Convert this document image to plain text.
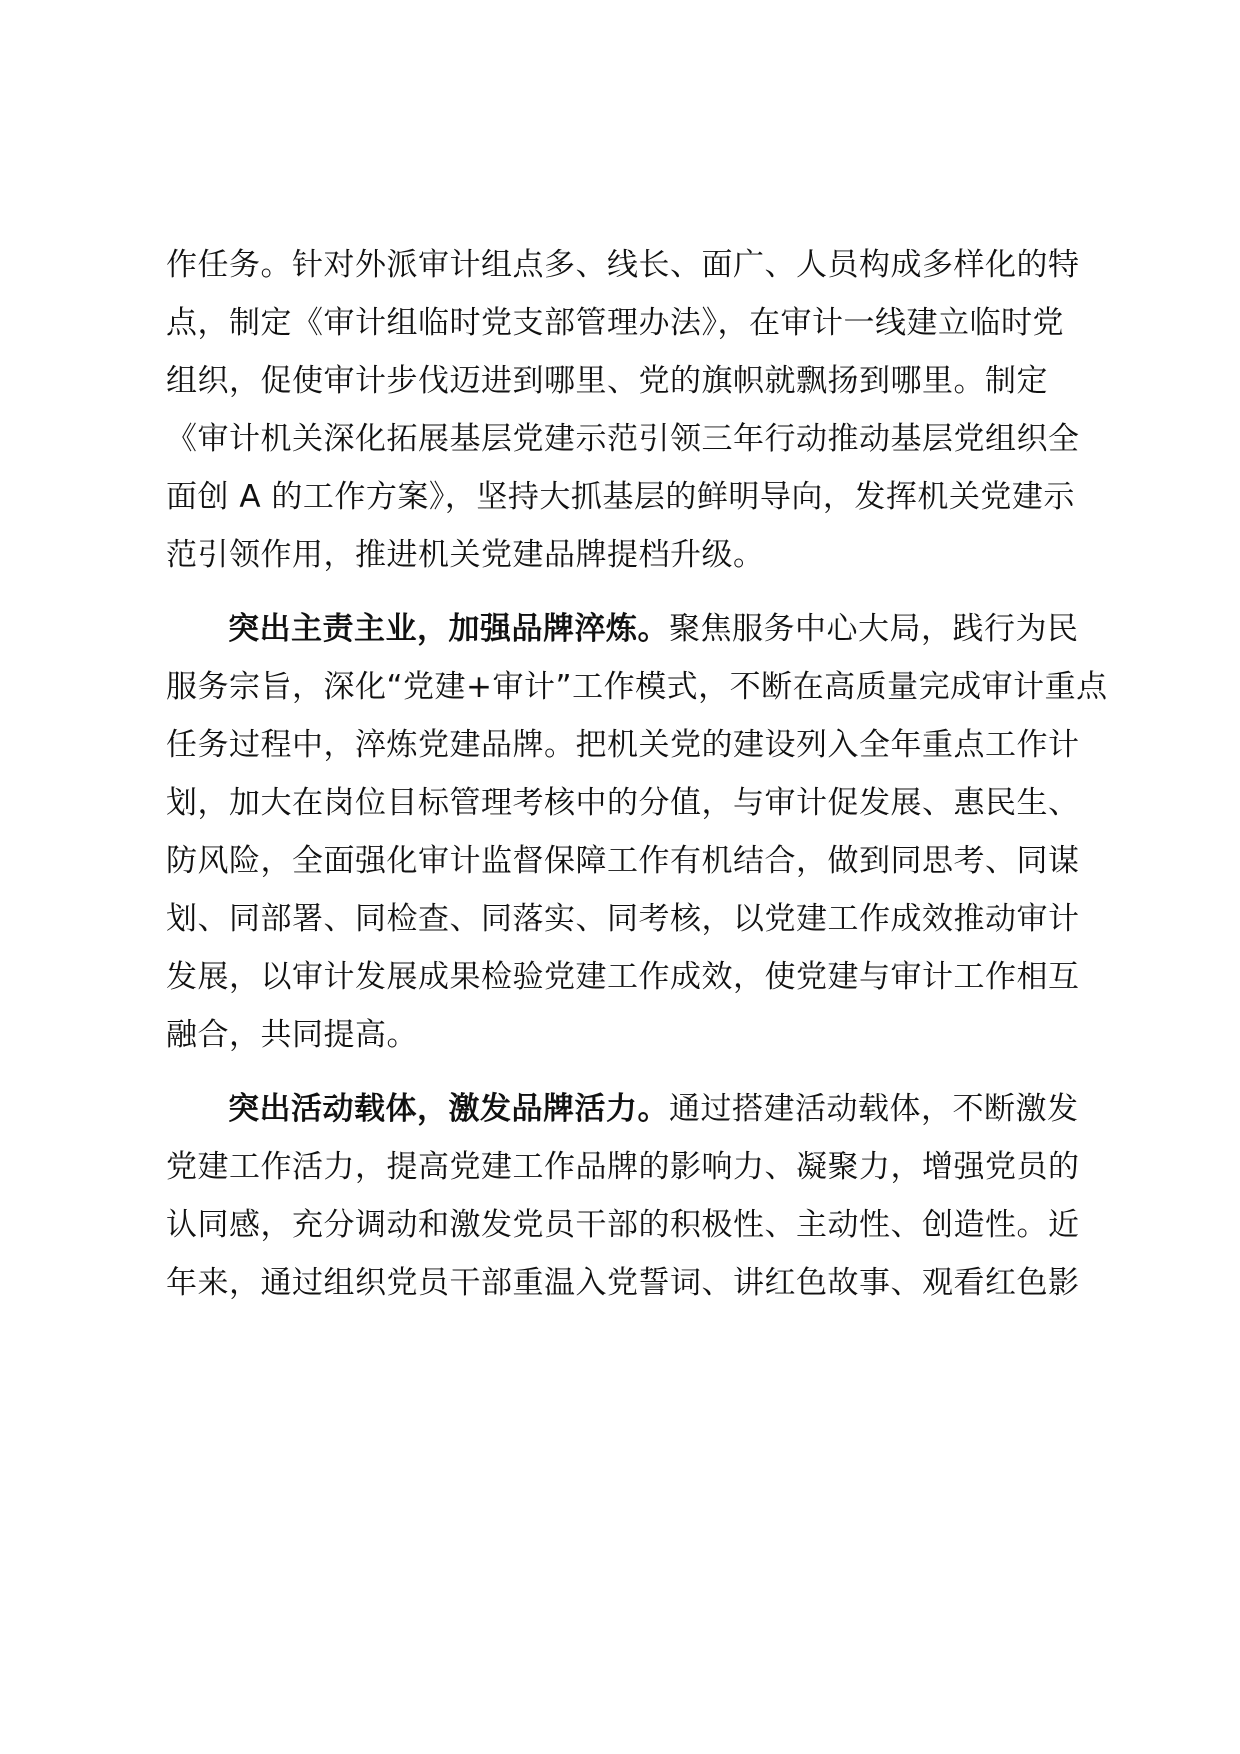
作任务。针对外派审计组点多、线长、面广、人员构成多样化的特
点，制定《审计组临时党支部管理办法》，在审计一线建立临时党
组织，促使审计步伐迈进到哪里、党的旗帜就飘扬到哪里。制定
《审计机关深化拓展基层党建示范引领三年行动推动基层党组织全
面创 A 的工作方案》，坚持大抓基层的鲜明导向，发挥机关党建示
范引领作用，推进机关党建品牌提档升级。
突出主责主业，加强品牌淬炼。聚焦服务中心大局，践行为民
服务宗旨，深化“党建+审计”工作模式，不断在高质量完成审计重点
任务过程中，淬炼党建品牌。把机关党的建设列入全年重点工作计
划，加大在岗位目标管理考核中的分值，与审计促发展、惠民生、
防风险，全面强化审计监督保障工作有机结合，做到同思考、同谋
划、同部署、同检查、同落实、同考核，以党建工作成效推动审计
发展，以审计发展成果检验党建工作成效，使党建与审计工作相互
融合，共同提高。
突出活动载体，激发品牌活力。通过搭建活动载体，不断激发
党建工作活力，提高党建工作品牌的影响力、凝聚力，增强党员的
认同感，充分调动和激发党员干部的积极性、主动性、创造性。近
年来，通过组织党员干部重温入党誓词、讲红色故事、观看红色影
